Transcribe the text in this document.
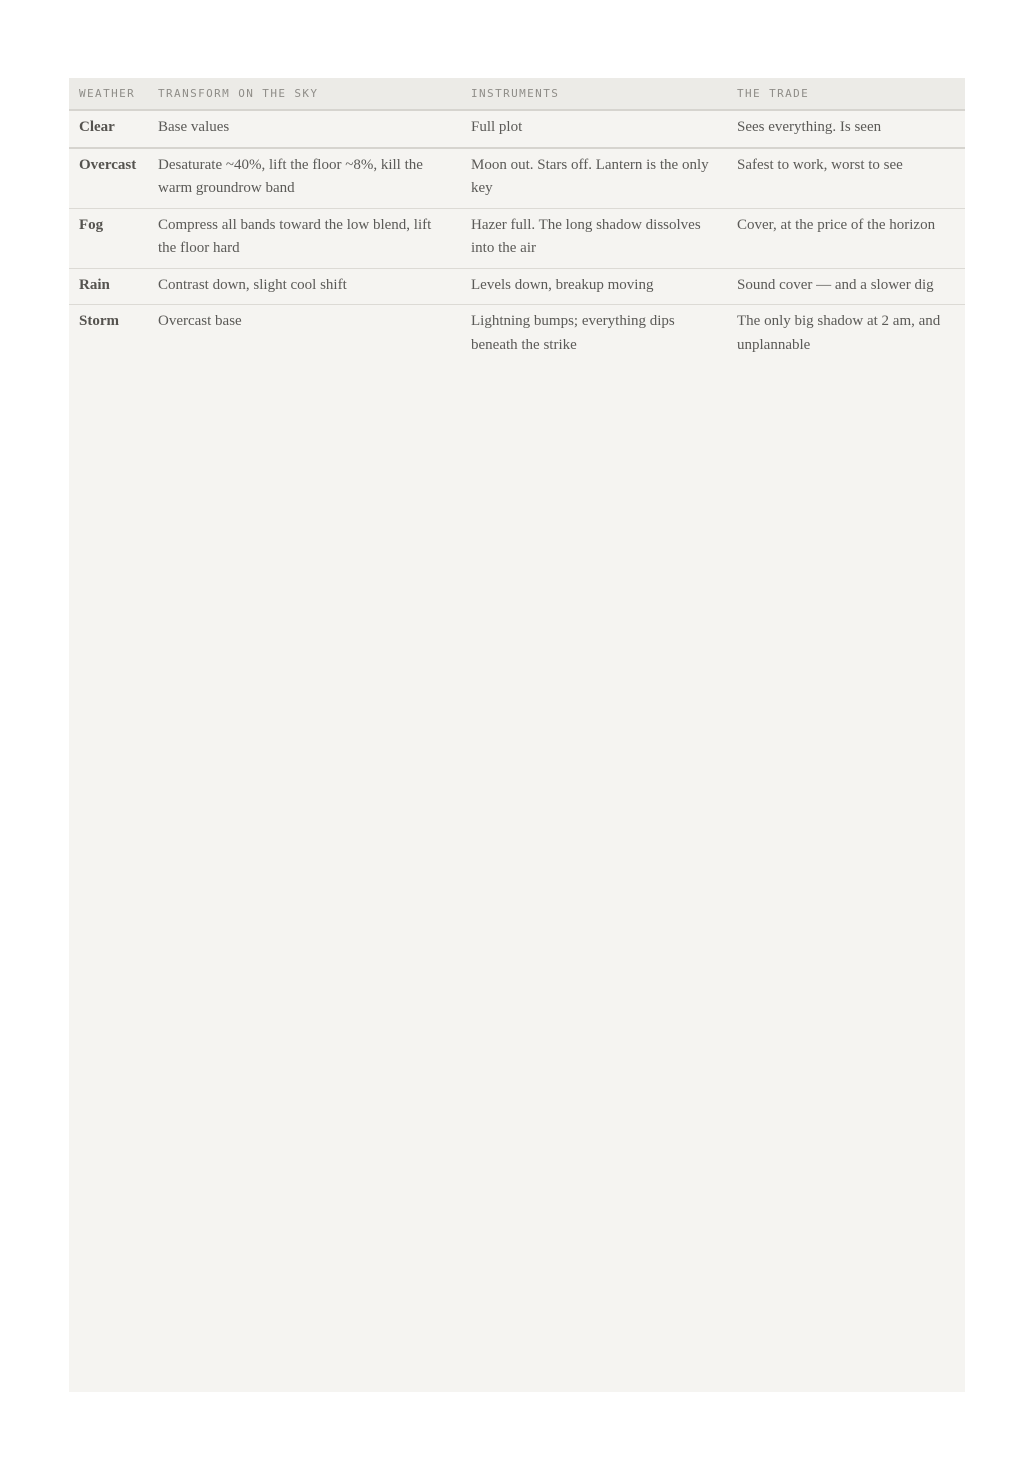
WEATHER	TRANSFORM ON THE SKY	INSTRUMENTS	THE TRADE
Clear	Base values	Full plot	Sees everything. Is seen
Overcast	Desaturate ~40%, lift the floor ~8%, kill the warm groundrow band	Moon out. Stars off. Lantern is the only key	Safest to work, worst to see
Fog	Compress all bands toward the low blend, lift the floor hard	Hazer full. The long shadow dissolves into the air	Cover, at the price of the horizon
Rain	Contrast down, slight cool shift	Levels down, breakup moving	Sound cover — and a slower dig
Storm	Overcast base	Lightning bumps; everything dips beneath the strike	The only big shadow at 2 am, and unplannable
